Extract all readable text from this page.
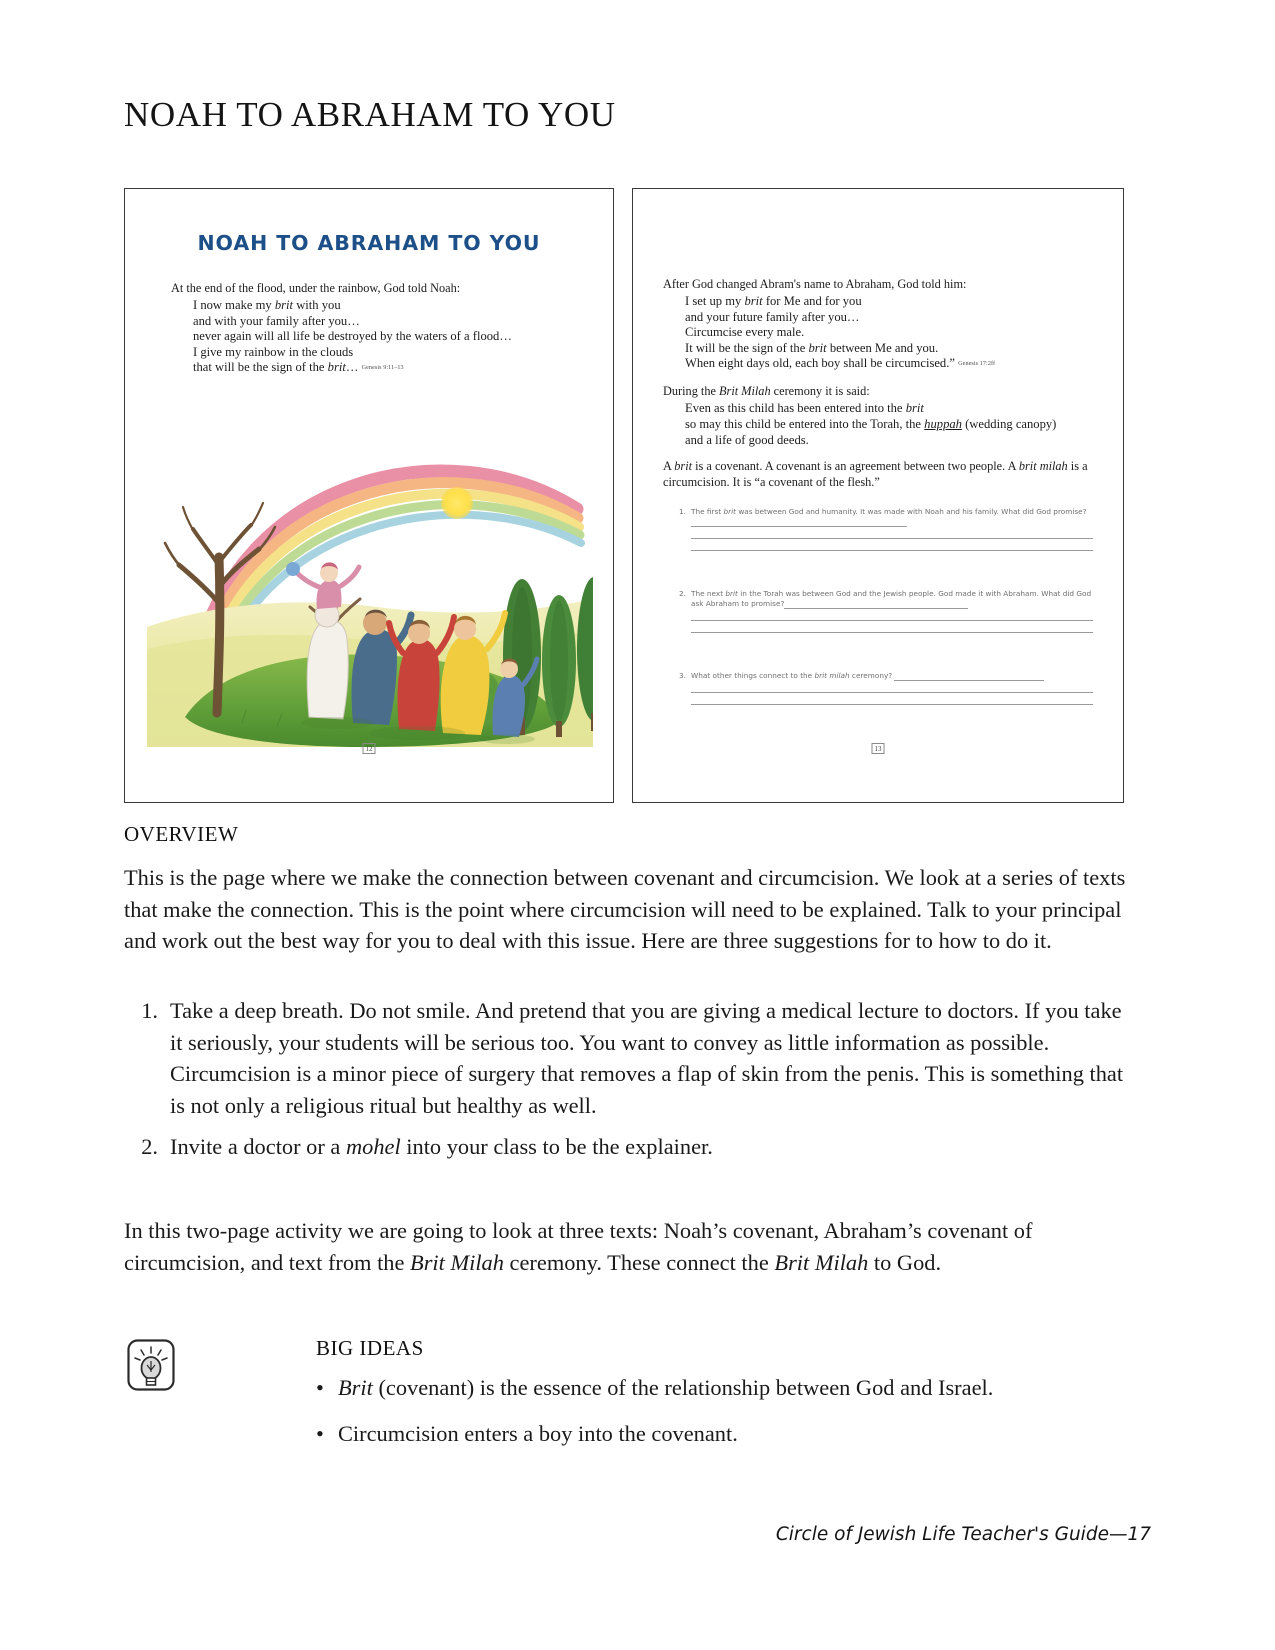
NOAH TO ABRAHAM TO YOU
NOAH TO ABRAHAM TO YOU
At the end of the flood, under the rainbow, God told Noah:
I now make my brit with you
and with your family after you…
never again will all life be destroyed by the waters of a flood…
I give my rainbow in the clouds
that will be the sign of the brit… Genesis 9:11–13
12
After God changed Abram's name to Abraham, God told him:
I set up my brit for Me and for you
and your future family after you…
Circumcise every male.
It will be the sign of the brit between Me and you.
When eight days old, each boy shall be circumcised.” Genesis 17:2ff
During the Brit Milah ceremony it is said:
Even as this child has been entered into the brit
so may this child be entered into the Torah, the huppah (wedding canopy)
and a life of good deeds.
A brit is a covenant. A covenant is an agreement between two people. A brit milah is a circumcision. It is “a covenant of the flesh.”
1. The first brit was between God and humanity. It was made with Noah and his family. What did God promise?
2. The next brit in the Torah was between God and the Jewish people. God made it with Abraham. What did God ask Abraham to promise?
3. What other things connect to the brit milah ceremony?
13
OVERVIEW

This is the page where we make the connection between covenant and circumcision. We look at a series of texts that make the connection. This is the point where circumcision will need to be explained. Talk to your principal and work out the best way for you to deal with this issue. Here are three suggestions for to how to do it.

1. Take a deep breath. Do not smile. And pretend that you are giving a medical lecture to doctors. If you take it seriously, your students will be serious too. You want to convey as little information as possible. Circumcision is a minor piece of surgery that removes a flap of skin from the penis. This is something that is not only a religious ritual but healthy as well.
2. Invite a doctor or a mohel into your class to be the explainer.

In this two-page activity we are going to look at three texts: Noah’s covenant, Abraham’s covenant of circumcision, and text from the Brit Milah ceremony. These connect the Brit Milah to God.

BIG IDEAS
• Brit (covenant) is the essence of the relationship between God and Israel.
• Circumcision enters a boy into the covenant.
Circle of Jewish Life Teacher's Guide—17
